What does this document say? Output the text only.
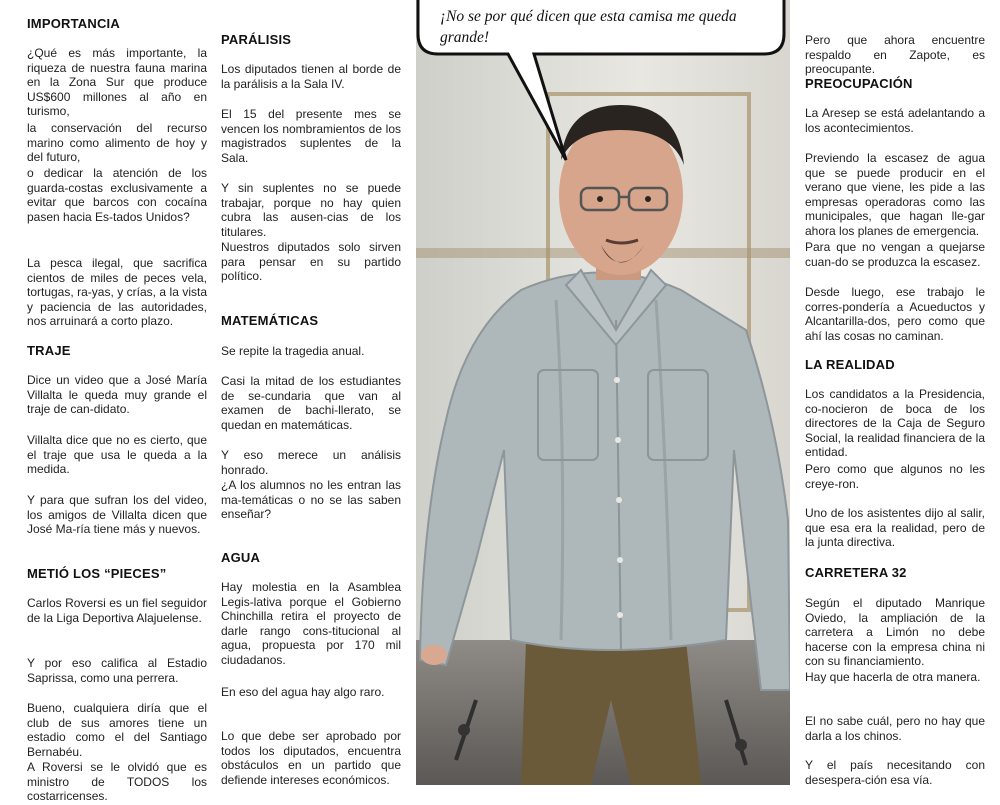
IMPORTANCIA

¿Qué es más importante, la riqueza de nuestra fauna marina en la Zona Sur que produce US$600 millones al año en turismo,

la conservación del recurso marino como alimento de hoy y del futuro,

o dedicar la atención de los guarda-costas exclusivamente a evitar que barcos con cocaína pasen hacia Es-tados Unidos?

La pesca ilegal, que sacrifica cientos de miles de peces vela, tortugas, ra-yas, y crías, a la vista y paciencia de las autoridades, nos arruinará a corto plazo.

TRAJE

Dice un video que a José María Villalta le queda muy grande el traje de can-didato.

Villalta dice que no es cierto, que el traje que usa le queda a la medida.

Y para que sufran los del video, los amigos de Villalta dicen que José Ma-ría tiene más y nuevos.

METIÓ LOS “PIECES”

Carlos Roversi es un fiel seguidor de la Liga Deportiva Alajuelense.

Y por eso califica al Estadio Saprissa, como una perrera.

Bueno, cualquiera diría que el club de sus amores tiene un estadio como el del Santiago Bernabéu.

A Roversi se le olvidó que es ministro de TODOS los costarricenses.

PARÁLISIS

Los diputados tienen al borde de la parálisis a la Sala IV.

El 15 del presente mes se vencen los nombramientos de los magistrados suplentes de la Sala.

Y sin suplentes no se puede trabajar, porque no hay quien cubra las ausen-cias de los titulares.

Nuestros diputados solo sirven para pensar en su partido político.

MATEMÁTICAS

Se repite la tragedia anual.

Casi la mitad de los estudiantes de se-cundaria que van al examen de bachi-llerato, se quedan en matemáticas.

Y eso merece un análisis honrado.

¿A los alumnos no les entran las ma-temáticas o no se las saben enseñar?

AGUA

Hay molestia en la Asamblea Legis-lativa porque el Gobierno Chinchilla retira el proyecto de darle rango cons-titucional al agua, propuesta por 170 mil ciudadanos.

En eso del agua hay algo raro.

Lo que debe ser aprobado por todos los diputados, encuentra obstáculos en un partido que defiende intereses económicos.

¡No se por qué dicen que esta camisa me queda grande!	Pero que ahora encuentre respaldo en Zapote, es preocupante.

PREOCUPACIÓN

La Aresep se está adelantando a los acontecimientos.

Previendo la escasez de agua que se puede producir en el verano que viene, les pide a las empresas operadoras como las municipales, que hagan lle-gar ahora los planes de emergencia.

Para que no vengan a quejarse cuan-do se produzca la escasez.

Desde luego, ese trabajo le corres-pondería a Acueductos y Alcantarilla-dos, pero como que ahí las cosas no caminan.

LA REALIDAD

Los candidatos a la Presidencia, co-nocieron de boca de los directores de la Caja de Seguro Social, la realidad financiera de la entidad.

Pero como que algunos no les creye-ron.

Uno de los asistentes dijo al salir, que esa era la realidad, pero de la junta directiva.

CARRETERA 32

Según el diputado Manrique Oviedo, la ampliación de la carretera a Limón no debe hacerse con la empresa china ni con su financiamiento.

Hay que hacerla de otra manera.

El no sabe cuál, pero no hay que darla a los chinos.

Y el país necesitando con desespera-ción esa vía.
